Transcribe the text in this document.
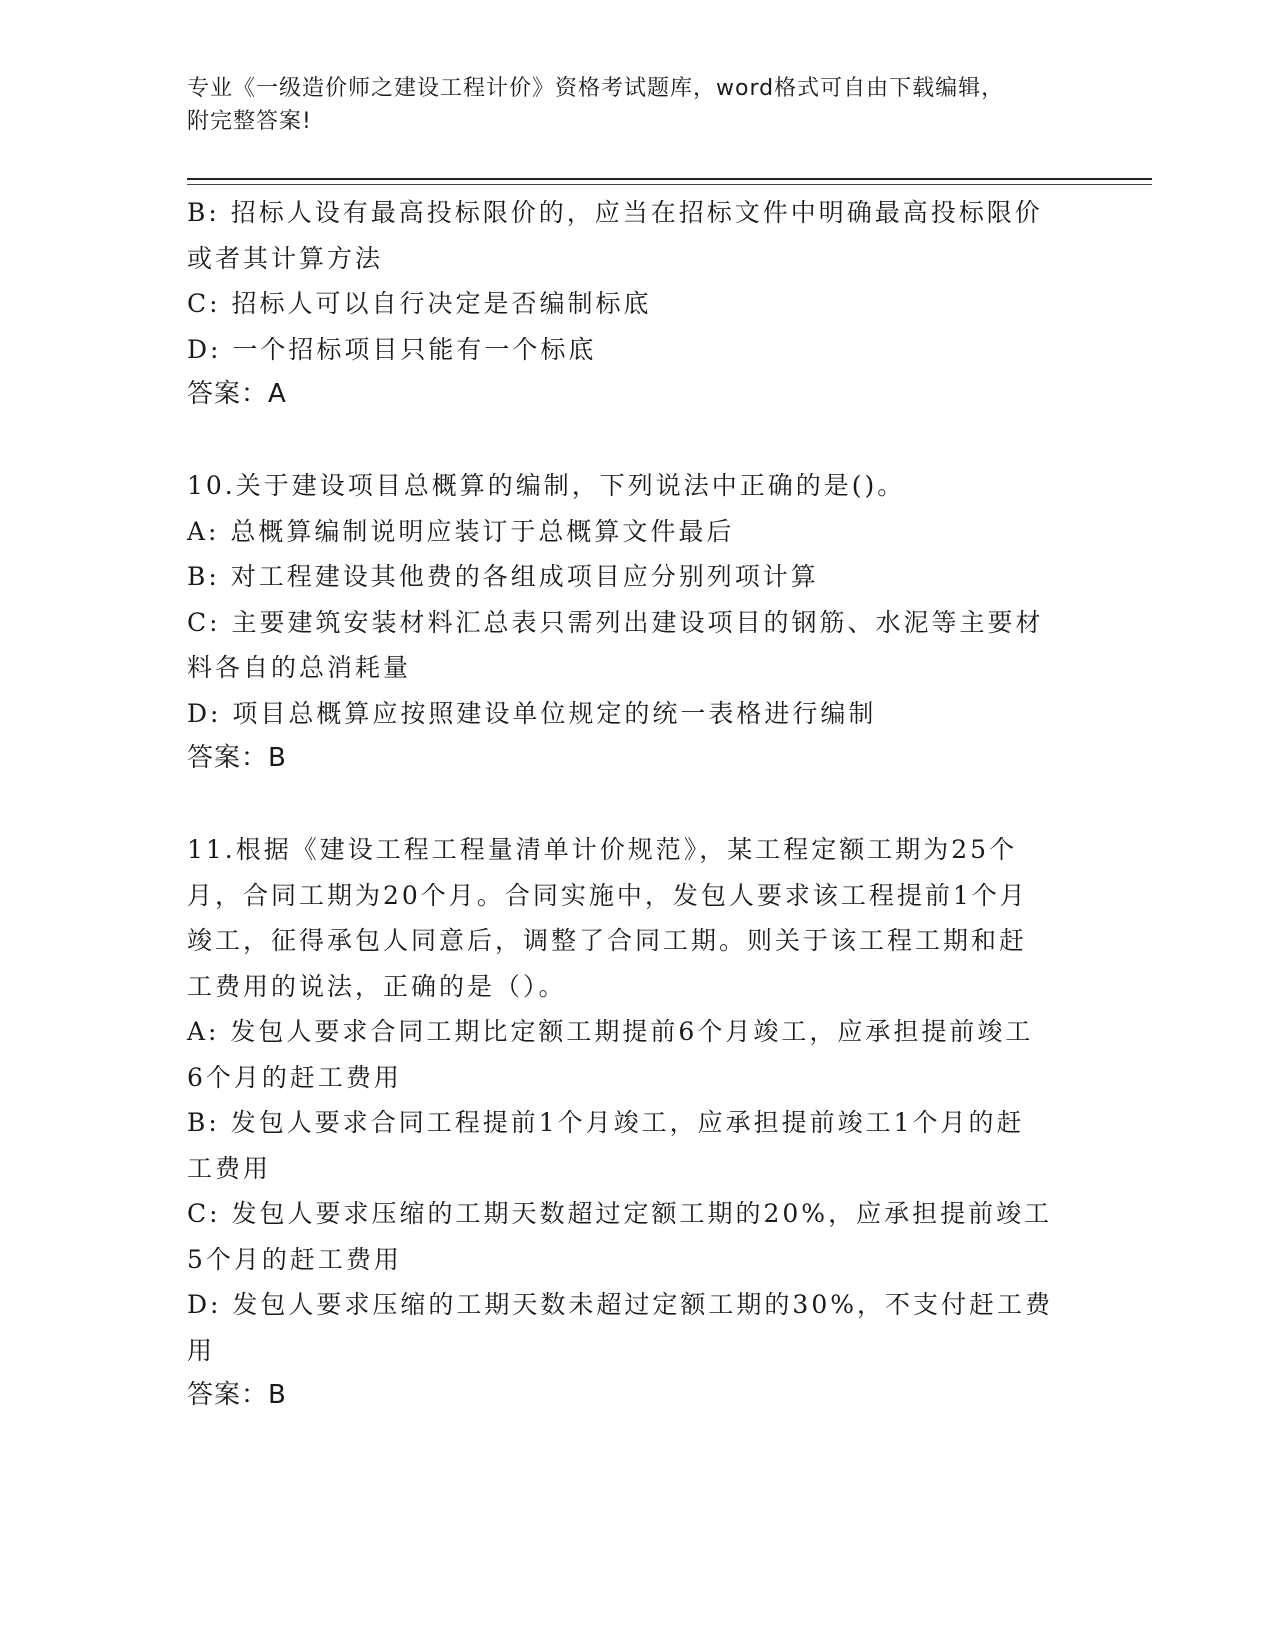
专业《一级造价师之建设工程计价》资格考试题库，word格式可自由下载编辑，
附完整答案!
B: 招标人设有最高投标限价的，应当在招标文件中明确最高投标限价
或者其计算方法
C: 招标人可以自行决定是否编制标底
D: 一个招标项目只能有一个标底
答案：A
10.关于建设项目总概算的编制，下列说法中正确的是()。
A: 总概算编制说明应装订于总概算文件最后
B: 对工程建设其他费的各组成项目应分别列项计算
C: 主要建筑安装材料汇总表只需列出建设项目的钢筋、水泥等主要材
料各自的总消耗量
D: 项目总概算应按照建设单位规定的统一表格进行编制
答案：B
11.根据《建设工程工程量清单计价规范》，某工程定额工期为25个
月，合同工期为20个月。合同实施中，发包人要求该工程提前1个月
竣工，征得承包人同意后，调整了合同工期。则关于该工程工期和赶
工费用的说法，正确的是（）。
A: 发包人要求合同工期比定额工期提前6个月竣工，应承担提前竣工
6个月的赶工费用
B: 发包人要求合同工程提前1个月竣工，应承担提前竣工1个月的赶
工费用
C: 发包人要求压缩的工期天数超过定额工期的20%，应承担提前竣工
5个月的赶工费用
D: 发包人要求压缩的工期天数未超过定额工期的30%，不支付赶工费
用
答案：B
